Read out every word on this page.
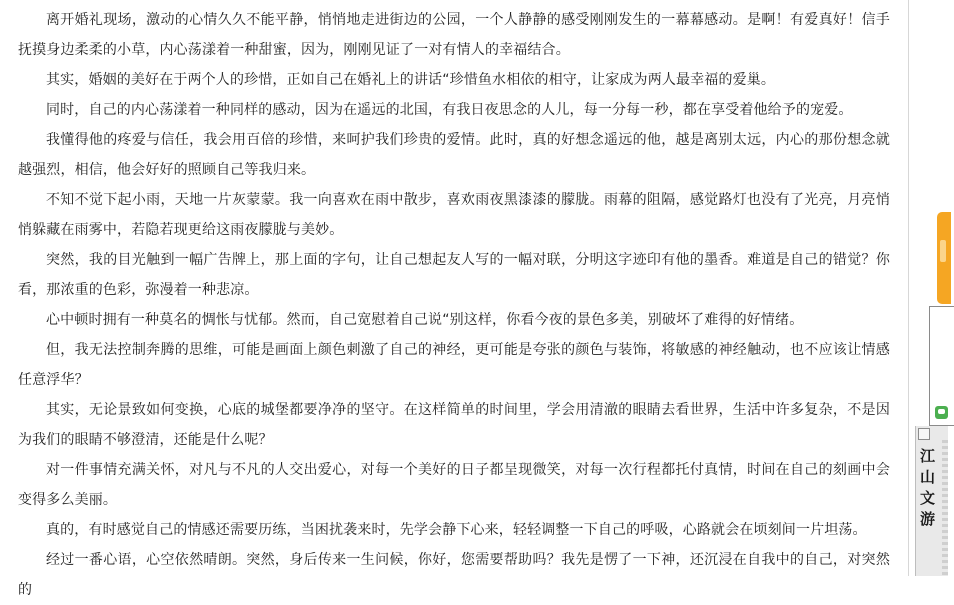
离开婚礼现场，激动的心情久久不能平静，悄悄地走进街边的公园，一个人静静的感受刚刚发生的一幕幕感动。是啊！有爱真好！信手抚摸身边柔柔的小草，内心荡漾着一种甜蜜，因为，刚刚见证了一对有情人的幸福结合。

其实，婚姻的美好在于两个人的珍惜，正如自己在婚礼上的讲话“珍惜鱼水相依的相守，让家成为两人最幸福的爱巢。

同时，自己的内心荡漾着一种同样的感动，因为在遥远的北国，有我日夜思念的人儿，每一分每一秒，都在享受着他给予的宠爱。

我懂得他的疼爱与信任，我会用百倍的珍惜，来呵护我们珍贵的爱情。此时，真的好想念遥远的他，越是离别太远，内心的那份想念就越强烈，相信，他会好好的照顾自己等我归来。

不知不觉下起小雨，天地一片灰蒙蒙。我一向喜欢在雨中散步，喜欢雨夜黑漆漆的朦胧。雨幕的阻隔，感觉路灯也没有了光亮，月亮悄悄躲藏在雨雾中，若隐若现更给这雨夜朦胧与美妙。

突然，我的目光触到一幅广告牌上，那上面的字句，让自己想起友人写的一幅对联，分明这字迹印有他的墨香。难道是自己的错觉？你看，那浓重的色彩，弥漫着一种悲凉。

心中顿时拥有一种莫名的惆怅与忧郁。然而，自己宽慰着自己说“别这样，你看今夜的景色多美，别破坏了难得的好情绪。

但，我无法控制奔腾的思维，可能是画面上颜色刺激了自己的神经，更可能是夸张的颜色与装饰，将敏感的神经触动，也不应该让情感任意浮华？

其实，无论景致如何变换，心底的城堡都要净净的坚守。在这样简单的时间里，学会用清澈的眼睛去看世界，生活中许多复杂，不是因为我们的眼睛不够澄清，还能是什么呢？

对一件事情充满关怀，对凡与不凡的人交出爱心，对每一个美好的日子都呈现微笑，对每一次行程都托付真情，时间在自己的刻画中会变得多么美丽。

真的，有时感觉自己的情感还需要历练，当困扰袭来时，先学会静下心来，轻轻调整一下自己的呼吸，心路就会在顷刻间一片坦荡。

经过一番心语，心空依然晴朗。突然，身后传来一生问候，你好，您需要帮助吗？我先是愣了一下神，还沉浸在自我中的自己，对突然的

江山文游
